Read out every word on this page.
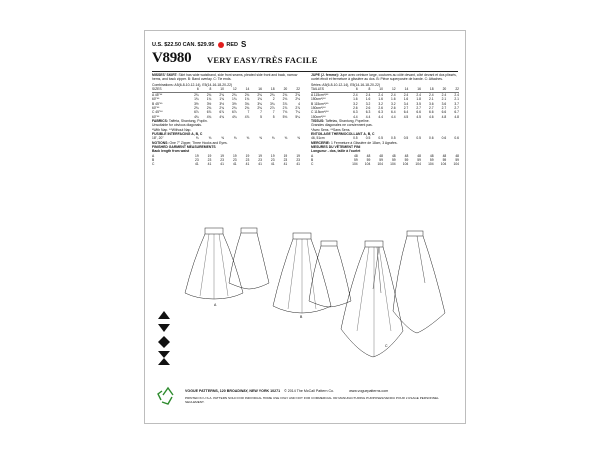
U.S. $22.50 CAN. $29.95 RED S
V8980 VERY EASY/TRÈS FACILE

MISSES' SKIRT: Skirt has wide waistband, side front seams, pleated side front and back, narrow hems, and back zipper. B: Band overlay. C: Tie ends.

Combinations: A5(6-8-10-12-14), E5(14-16-18-20-22)

SIZES	6	8	10	12	14	16	18	20	22
A 45"**	2¾	2¾	2¾	2¾	2¾	2¾	2¾	2¾	2¾
60"**	1¾	1¾	1¾	1¾	1¾	1¾	2	2⅛	2⅛
B 45"**	3½	3½	3½	3½	3¾	3¾	3¾	3⅞	4
60"**	2¾	2¾	2¾	2¾	2¾	2¾	2⅞	2⅞	2⅞
C 45"**	6⅞	6⅞	6⅞	6⅞	7	7	7	7⅛	7¼
60"**	4¾	4¾	4¾	4¾	4⅞	5	5	5⅛	5¼

FABRICS: Taffeta, Shantung, Poplin.

Unsuitable for obvious diagonals.

*With Nap. **Without Nap.

FUSIBLE INTERFACING A, B, C

18", 20"	⅜	⅜	⅜	⅜	⅜	⅜	⅜	⅜	⅜

NOTIONS: One 7" Zipper, Three Hooks and Eyes.

FINISHED GARMENT MEASUREMENTS

Back length from waist

A	19	19	19	19	19	19	19	19	19
B	23	23	23	23	23	23	23	23	23
C	41	41	41	41	41	41	41	41	41

JUPE (J. femme): Jupe avec ceinture large, coutures au côté devant, côté devant et dos plissés, ourlet étroit et fermeture à glissière au dos. B: Pièce superposée de bande. C: Attaches.

Séries: A5(6-8-10-12-14), E5(14-16-18-20-22)

TAILLES	6	8	10	12	14	16	18	20	22
A 115cm*/**	2.4	2.4	2.4	2.4	2.4	2.4	2.4	2.4	2.4
150cm*/**	1.6	1.6	1.6	1.6	1.6	1.8	2.1	2.1	2.1
B 115cm*/**	3.2	3.2	3.2	3.2	3.4	3.5	3.6	3.6	3.7
150cm*/**	2.6	2.6	2.6	2.6	2.7	2.7	2.7	2.7	2.7
C 115cm*/**	6.3	6.3	6.3	6.4	6.4	6.6	6.6	6.6	6.7
150cm*/**	4.4	4.4	4.4	4.4	4.5	4.5	4.6	4.8	4.8

TISSUS: Taffetas, Shantung, Popeline.

Grandes diagonales ne conviennent pas.

*Avec Sens. **Sans Sens.

ENTOILAGE THERMOCOLLANT A, B, C

46, 51cm	0.5	0.5	0.5	0.5	0.5	0.5	0.6	0.6	0.6

MERCERIE: 1 Fermeture à Glissière de 18cm, 3 Agrafes.

MESURES DU VÊTEMENT FINI

Longueur - dos, taille à l'ourlet

A	48	48	48	48	48	48	48	48	48
B	59	59	59	59	59	59	59	59	59
C	104	104	104	104	104	104	104	104	104
A
B
C
VOGUE PATTERNS, 120 BROADWAY, NEW YORK 10271 © 2014 The McCall Pattern Co.	www.voguepatterns.com
PRINTED IN U.S.A. PATTERN SOLD FOR INDIVIDUAL HOME USE ONLY AND NOT FOR COMMERCIAL OR MANUFACTURING PURPOSES/VENDU POUR L'USAGE PERSONNEL SEULEMENT.
